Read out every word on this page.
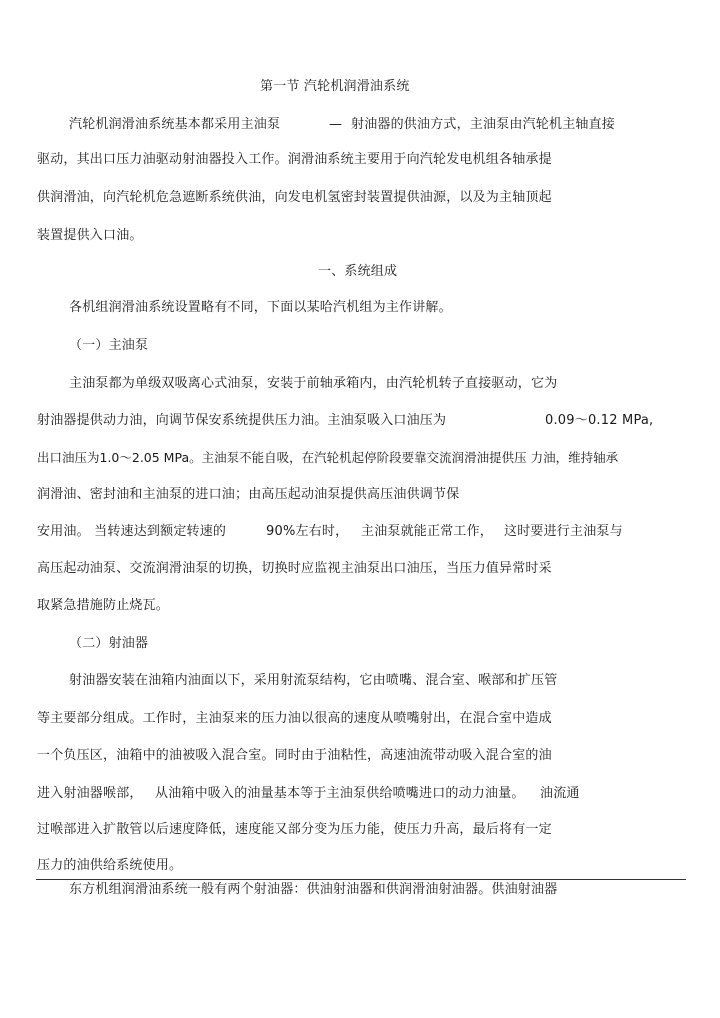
第一节 汽轮机润滑油系统
汽轮机润滑油系统基本都采用主油泵	— 射油器的供油方式，主油泵由汽轮机主轴直接
驱动，其出口压力油驱动射油器投入工作。润滑油系统主要用于向汽轮发电机组各轴承提
供润滑油，向汽轮机危急遮断系统供油，向发电机氢密封装置提供油源，以及为主轴顶起
装置提供入口油。
一、系统组成
各机组润滑油系统设置略有不同，下面以某哈汽机组为主作讲解。
（一）主油泵
主油泵都为单级双吸离心式油泵，安装于前轴承箱内，由汽轮机转子直接驱动，它为
射油器提供动力油，向调节保安系统提供压力油。主油泵吸入口油压为	0.09～0.12 MPa,
出口油压为1.0～2.05 MPa。主油泵不能自吸，在汽轮机起停阶段要靠交流润滑油提供压 力油，维持轴承
润滑油、密封油和主油泵的进口油；由高压起动油泵提供高压油供调节保
安用油。 当转速达到额定转速的	90%左右时， 主油泵就能正常工作， 这时要进行主油泵与
高压起动油泵、交流润滑油泵的切换，切换时应监视主油泵出口油压，当压力值异常时采
取紧急措施防止烧瓦。
（二）射油器
射油器安装在油箱内油面以下，采用射流泵结构，它由喷嘴、混合室、喉部和扩压管
等主要部分组成。工作时，主油泵来的压力油以很高的速度从喷嘴射出，在混合室中造成
一个负压区，油箱中的油被吸入混合室。同时由于油粘性，高速油流带动吸入混合室的油
进入射油器喉部， 从油箱中吸入的油量基本等于主油泵供给喷嘴进口的动力油量。 油流通
过喉部进入扩散管以后速度降低，速度能又部分变为压力能，使压力升高，最后将有一定
压力的油供给系统使用。
东方机组润滑油系统一般有两个射油器：供油射油器和供润滑油射油器。供油射油器
